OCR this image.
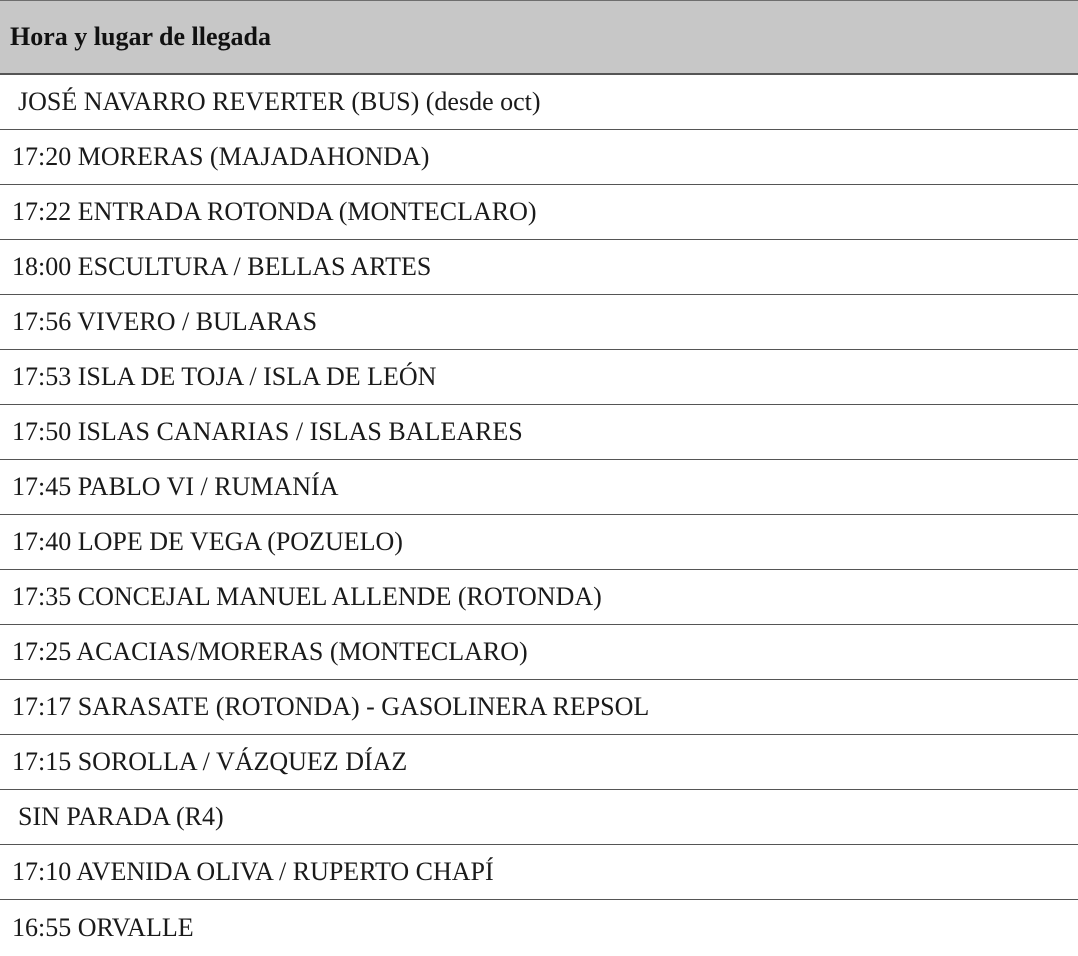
Hora y lugar de llegada
JOSÉ NAVARRO REVERTER (BUS) (desde oct)
17:20 MORERAS (MAJADAHONDA)
17:22 ENTRADA ROTONDA (MONTECLARO)
18:00 ESCULTURA / BELLAS ARTES
17:56 VIVERO / BULARAS
17:53 ISLA DE TOJA / ISLA DE LEÓN
17:50 ISLAS CANARIAS / ISLAS BALEARES
17:45 PABLO VI / RUMANÍA
17:40 LOPE DE VEGA (POZUELO)
17:35 CONCEJAL MANUEL ALLENDE (ROTONDA)
17:25 ACACIAS/MORERAS (MONTECLARO)
17:17 SARASATE (ROTONDA) - GASOLINERA REPSOL
17:15 SOROLLA / VÁZQUEZ DÍAZ
SIN PARADA (R4)
17:10 AVENIDA OLIVA / RUPERTO CHAPÍ
16:55 ORVALLE
